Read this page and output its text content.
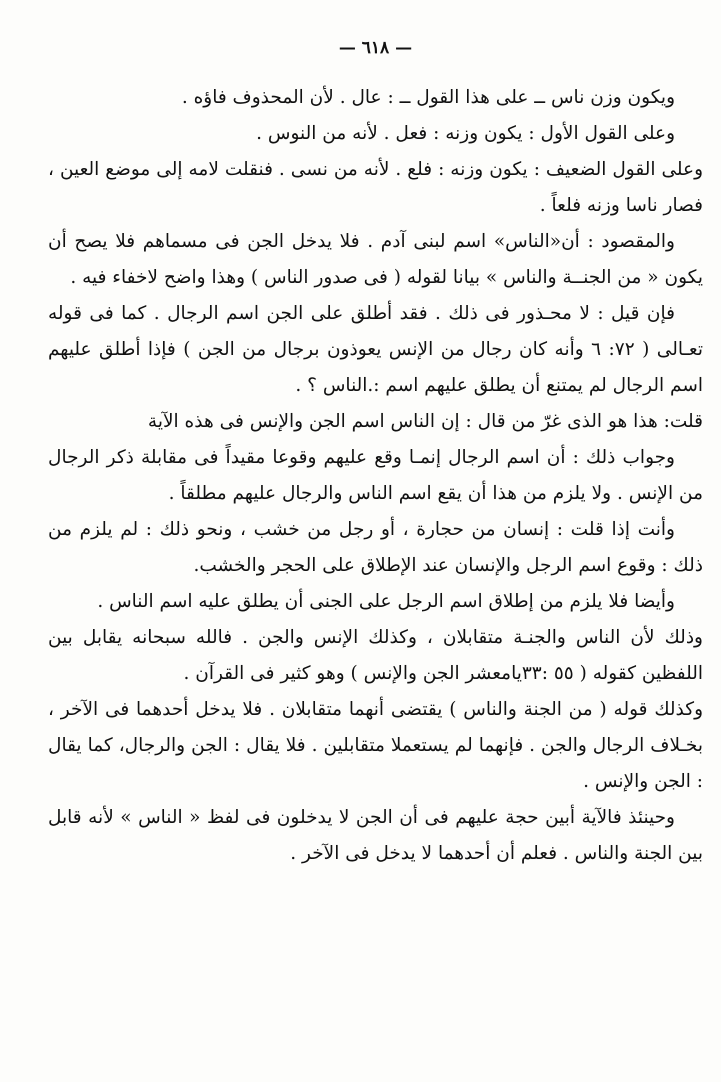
— ٦١٨ —

ويكون وزن ناس ــ على هذا القول ــ : عال . لأن المحذوف فاؤه .

وعلى القول الأول : يكون وزنه : فعل . لأنه من النوس .

وعلى القول الضعيف : يكون وزنه : فلع . لأنه من نسى . فنقلت لامه إلى موضع العين ، فصار ناسا وزنه فلعاً .

والمقصود : أن«الناس» اسم لبنى آدم . فلا يدخل الجن فى مسماهم فلا يصح أن يكون « من الجنــة والناس » بيانا لقوله ( فى صدور الناس ) وهذا واضح لاخفاء فيه .

فإن قيل : لا محـذور فى ذلك . فقد أطلق على الجن اسم الرجال . كما فى قوله تعـالى ( ٧٢: ٦ وأنه كان رجال من الإنس يعوذون برجال من الجن ) فإذا أطلق عليهم اسم الرجال لم يمتنع أن يطلق عليهم اسم :.الناس ؟ .

قلت: هذا هو الذى غرّ من قال : إن الناس اسم الجن والإنس فى هذه الآية

وجواب ذلك : أن اسم الرجال إنمـا وقع عليهم وقوعا مقيداً فى مقابلة ذكر الرجال من الإنس . ولا يلزم من هذا أن يقع اسم الناس والرجال عليهم مطلقاً .

وأنت إذا قلت : إنسان من حجارة ، أو رجل من خشب ، ونحو ذلك : لم يلزم من ذلك : وقوع اسم الرجل والإنسان عند الإطلاق على الحجر والخشب.

وأيضا فلا يلزم من إطلاق اسم الرجل على الجنى أن يطلق عليه اسم الناس .

وذلك لأن الناس والجنـة متقابلان ، وكذلك الإنس والجن . فالله سبحانه يقابل بين اللفظين كقوله ( ٥٥ :٣٣يامعشر الجن والإنس ) وهو كثير فى القرآن .

وكذلك قوله ( من الجنة والناس ) يقتضى أنهما متقابلان . فلا يدخل أحدهما فى الآخر ، بخـلاف الرجال والجن . فإنهما لم يستعملا متقابلين . فلا يقال : الجن والرجال، كما يقال : الجن والإنس .

وحينئذ فالآية أبين حجة عليهم فى أن الجن لا يدخلون فى لفظ « الناس » لأنه قابل بين الجنة والناس . فعلم أن أحدهما لا يدخل فى الآخر .
